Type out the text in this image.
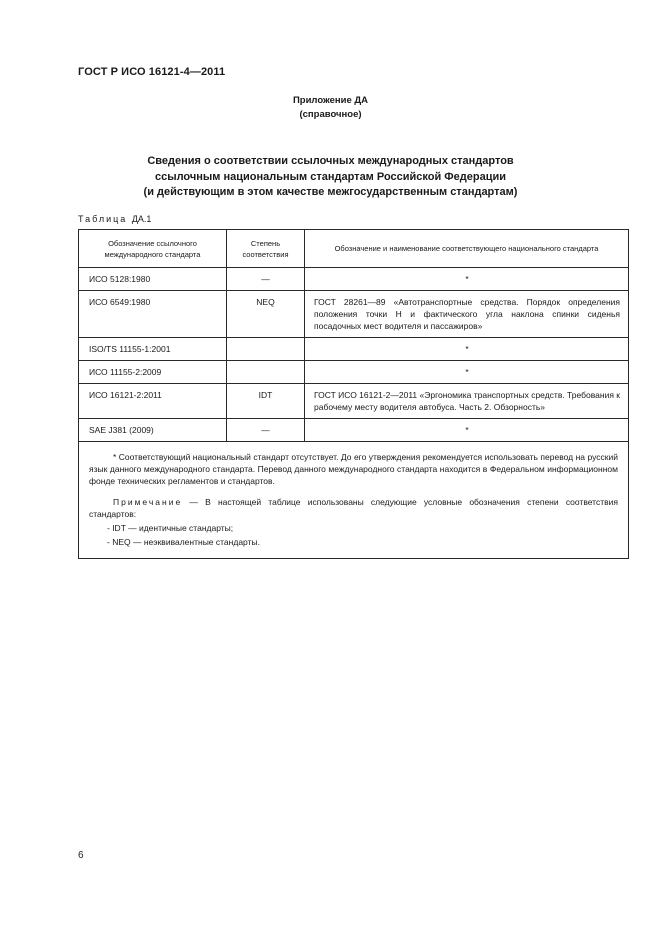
ГОСТ Р ИСО 16121-4—2011
Приложение ДА
(справочное)
Сведения о соответствии ссылочных международных стандартов
ссылочным национальным стандартам Российской Федерации
(и действующим в этом качестве межгосударственным стандартам)
Таблица ДА.1
Обозначение ссылочного международного стандарта	Степень соответствия	Обозначение и наименование соответствующего национального стандарта
ИСО 5128:1980	—	*
ИСО 6549:1980	NEQ	ГОСТ 28261—89 «Автотранспортные средства. Порядок определения положения точки Н и фактического угла наклона спинки сиденья посадочных мест водителя и пассажиров»
ISO/TS 11155-1:2001		*
ИСО 11155-2:2009		*
ИСО 16121-2:2011	IDT	ГОСТ ИСО 16121-2—2011 «Эргономика транспортных средств. Требования к рабочему месту водителя автобуса. Часть 2. Обзорность»
SAE J381 (2009)	—	*

* Соответствующий национальный стандарт отсутствует. До его утверждения рекомендуется использовать перевод на русский язык данного международного стандарта. Перевод данного международного стандарта находится в Федеральном информационном фонде технических регламентов и стандартов.

Примечание — В настоящей таблице использованы следующие условные обозначения степени соответствия стандартов:

- IDT — идентичные стандарты;
- NEQ — неэквивалентные стандарты.		
6
